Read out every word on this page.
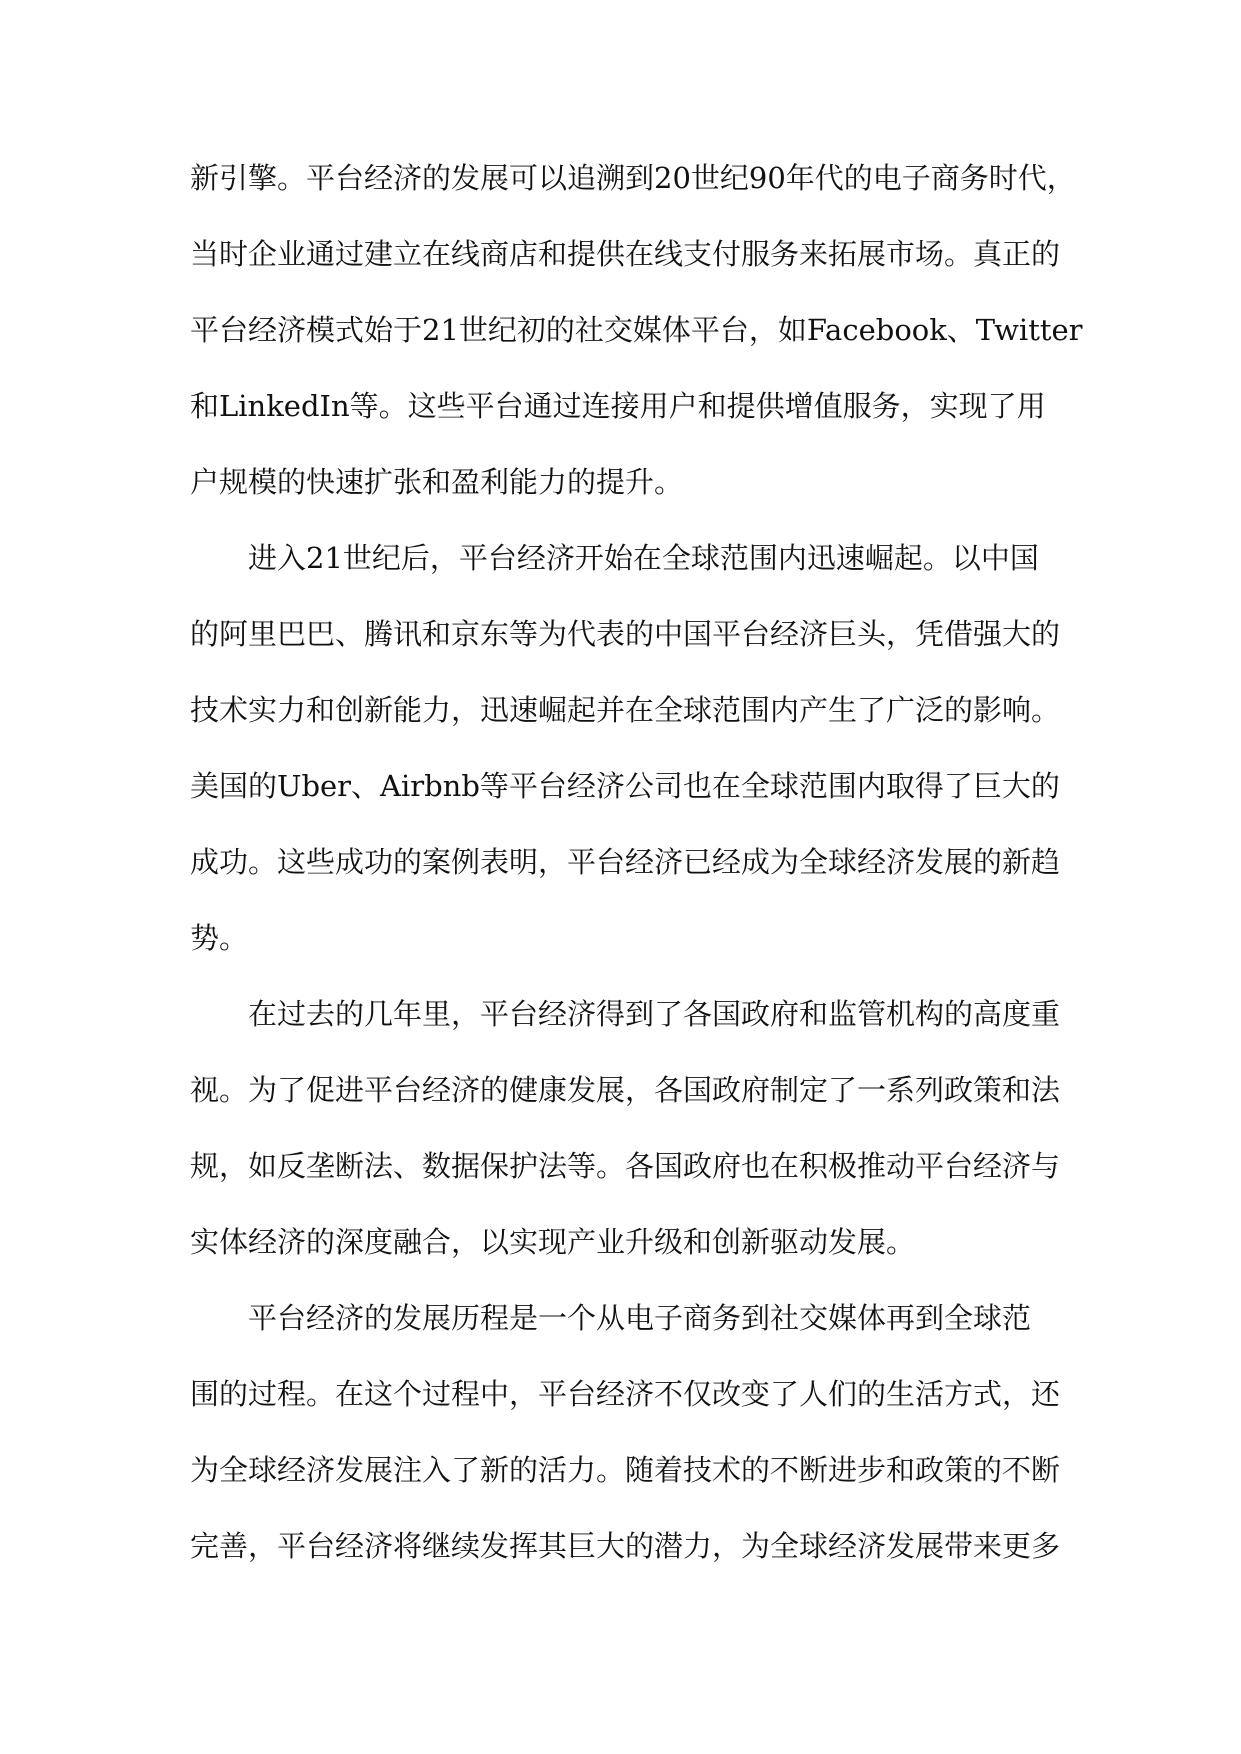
新引擎。平台经济的发展可以追溯到20世纪90年代的电子商务时代，
当时企业通过建立在线商店和提供在线支付服务来拓展市场。真正的
平台经济模式始于21世纪初的社交媒体平台，如Facebook、Twitter
和LinkedIn等。这些平台通过连接用户和提供增值服务，实现了用
户规模的快速扩张和盈利能力的提升。
进入21世纪后，平台经济开始在全球范围内迅速崛起。以中国
的阿里巴巴、腾讯和京东等为代表的中国平台经济巨头，凭借强大的
技术实力和创新能力，迅速崛起并在全球范围内产生了广泛的影响。
美国的Uber、Airbnb等平台经济公司也在全球范围内取得了巨大的
成功。这些成功的案例表明，平台经济已经成为全球经济发展的新趋
势。
在过去的几年里，平台经济得到了各国政府和监管机构的高度重
视。为了促进平台经济的健康发展，各国政府制定了一系列政策和法
规，如反垄断法、数据保护法等。各国政府也在积极推动平台经济与
实体经济的深度融合，以实现产业升级和创新驱动发展。
平台经济的发展历程是一个从电子商务到社交媒体再到全球范
围的过程。在这个过程中，平台经济不仅改变了人们的生活方式，还
为全球经济发展注入了新的活力。随着技术的不断进步和政策的不断
完善，平台经济将继续发挥其巨大的潜力，为全球经济发展带来更多
